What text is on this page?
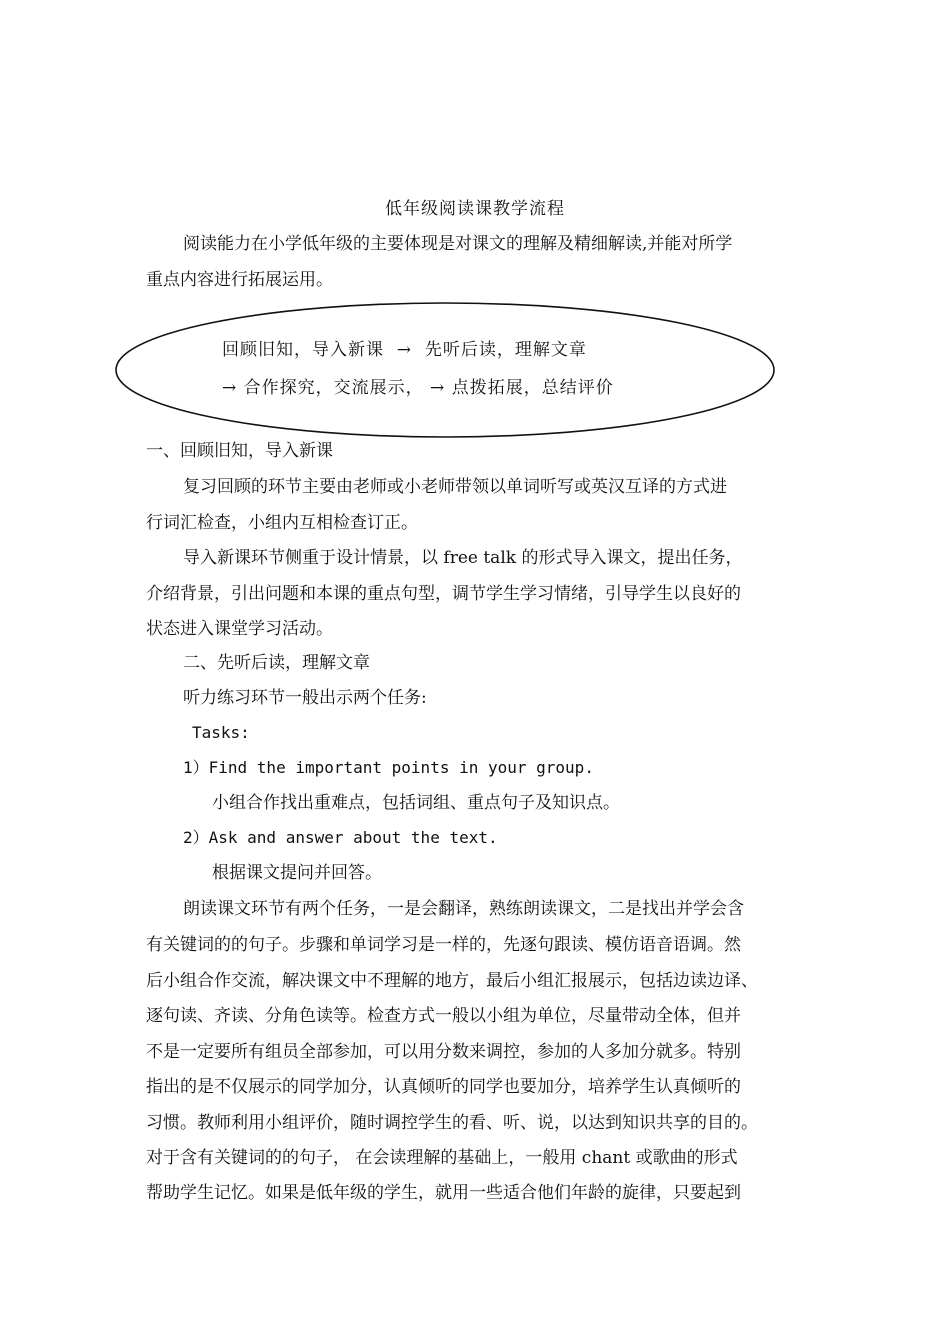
低年级阅读课教学流程
阅读能力在小学低年级的主要体现是对课文的理解及精细解读,并能对所学
重点内容进行拓展运用。
回顾旧知，导入新课  →  先听后读，理解文章
→ 合作探究，交流展示， → 点拨拓展，总结评价
一、回顾旧知，导入新课
复习回顾的环节主要由老师或小老师带领以单词听写或英汉互译的方式进
行词汇检查，小组内互相检查订正。
导入新课环节侧重于设计情景，以 free talk 的形式导入课文，提出任务，
介绍背景，引出问题和本课的重点句型，调节学生学习情绪，引导学生以良好的
状态进入课堂学习活动。
二、先听后读，理解文章
听力练习环节一般出示两个任务:
Tasks:
1）Find the important points in your group.
小组合作找出重难点，包括词组、重点句子及知识点。
2）Ask and answer about the text.
根据课文提问并回答。
朗读课文环节有两个任务，一是会翻译，熟练朗读课文，二是找出并学会含
有关键词的的句子。步骤和单词学习是一样的，先逐句跟读、模仿语音语调。然
后小组合作交流，解决课文中不理解的地方，最后小组汇报展示，包括边读边译、
逐句读、齐读、分角色读等。检查方式一般以小组为单位，尽量带动全体，但并
不是一定要所有组员全部参加，可以用分数来调控，参加的人多加分就多。特别
指出的是不仅展示的同学加分，认真倾听的同学也要加分，培养学生认真倾听的
习惯。教师利用小组评价，随时调控学生的看、听、说，以达到知识共享的目的。
对于含有关键词的的句子， 在会读理解的基础上，一般用 chant 或歌曲的形式
帮助学生记忆。如果是低年级的学生，就用一些适合他们年龄的旋律，只要起到
